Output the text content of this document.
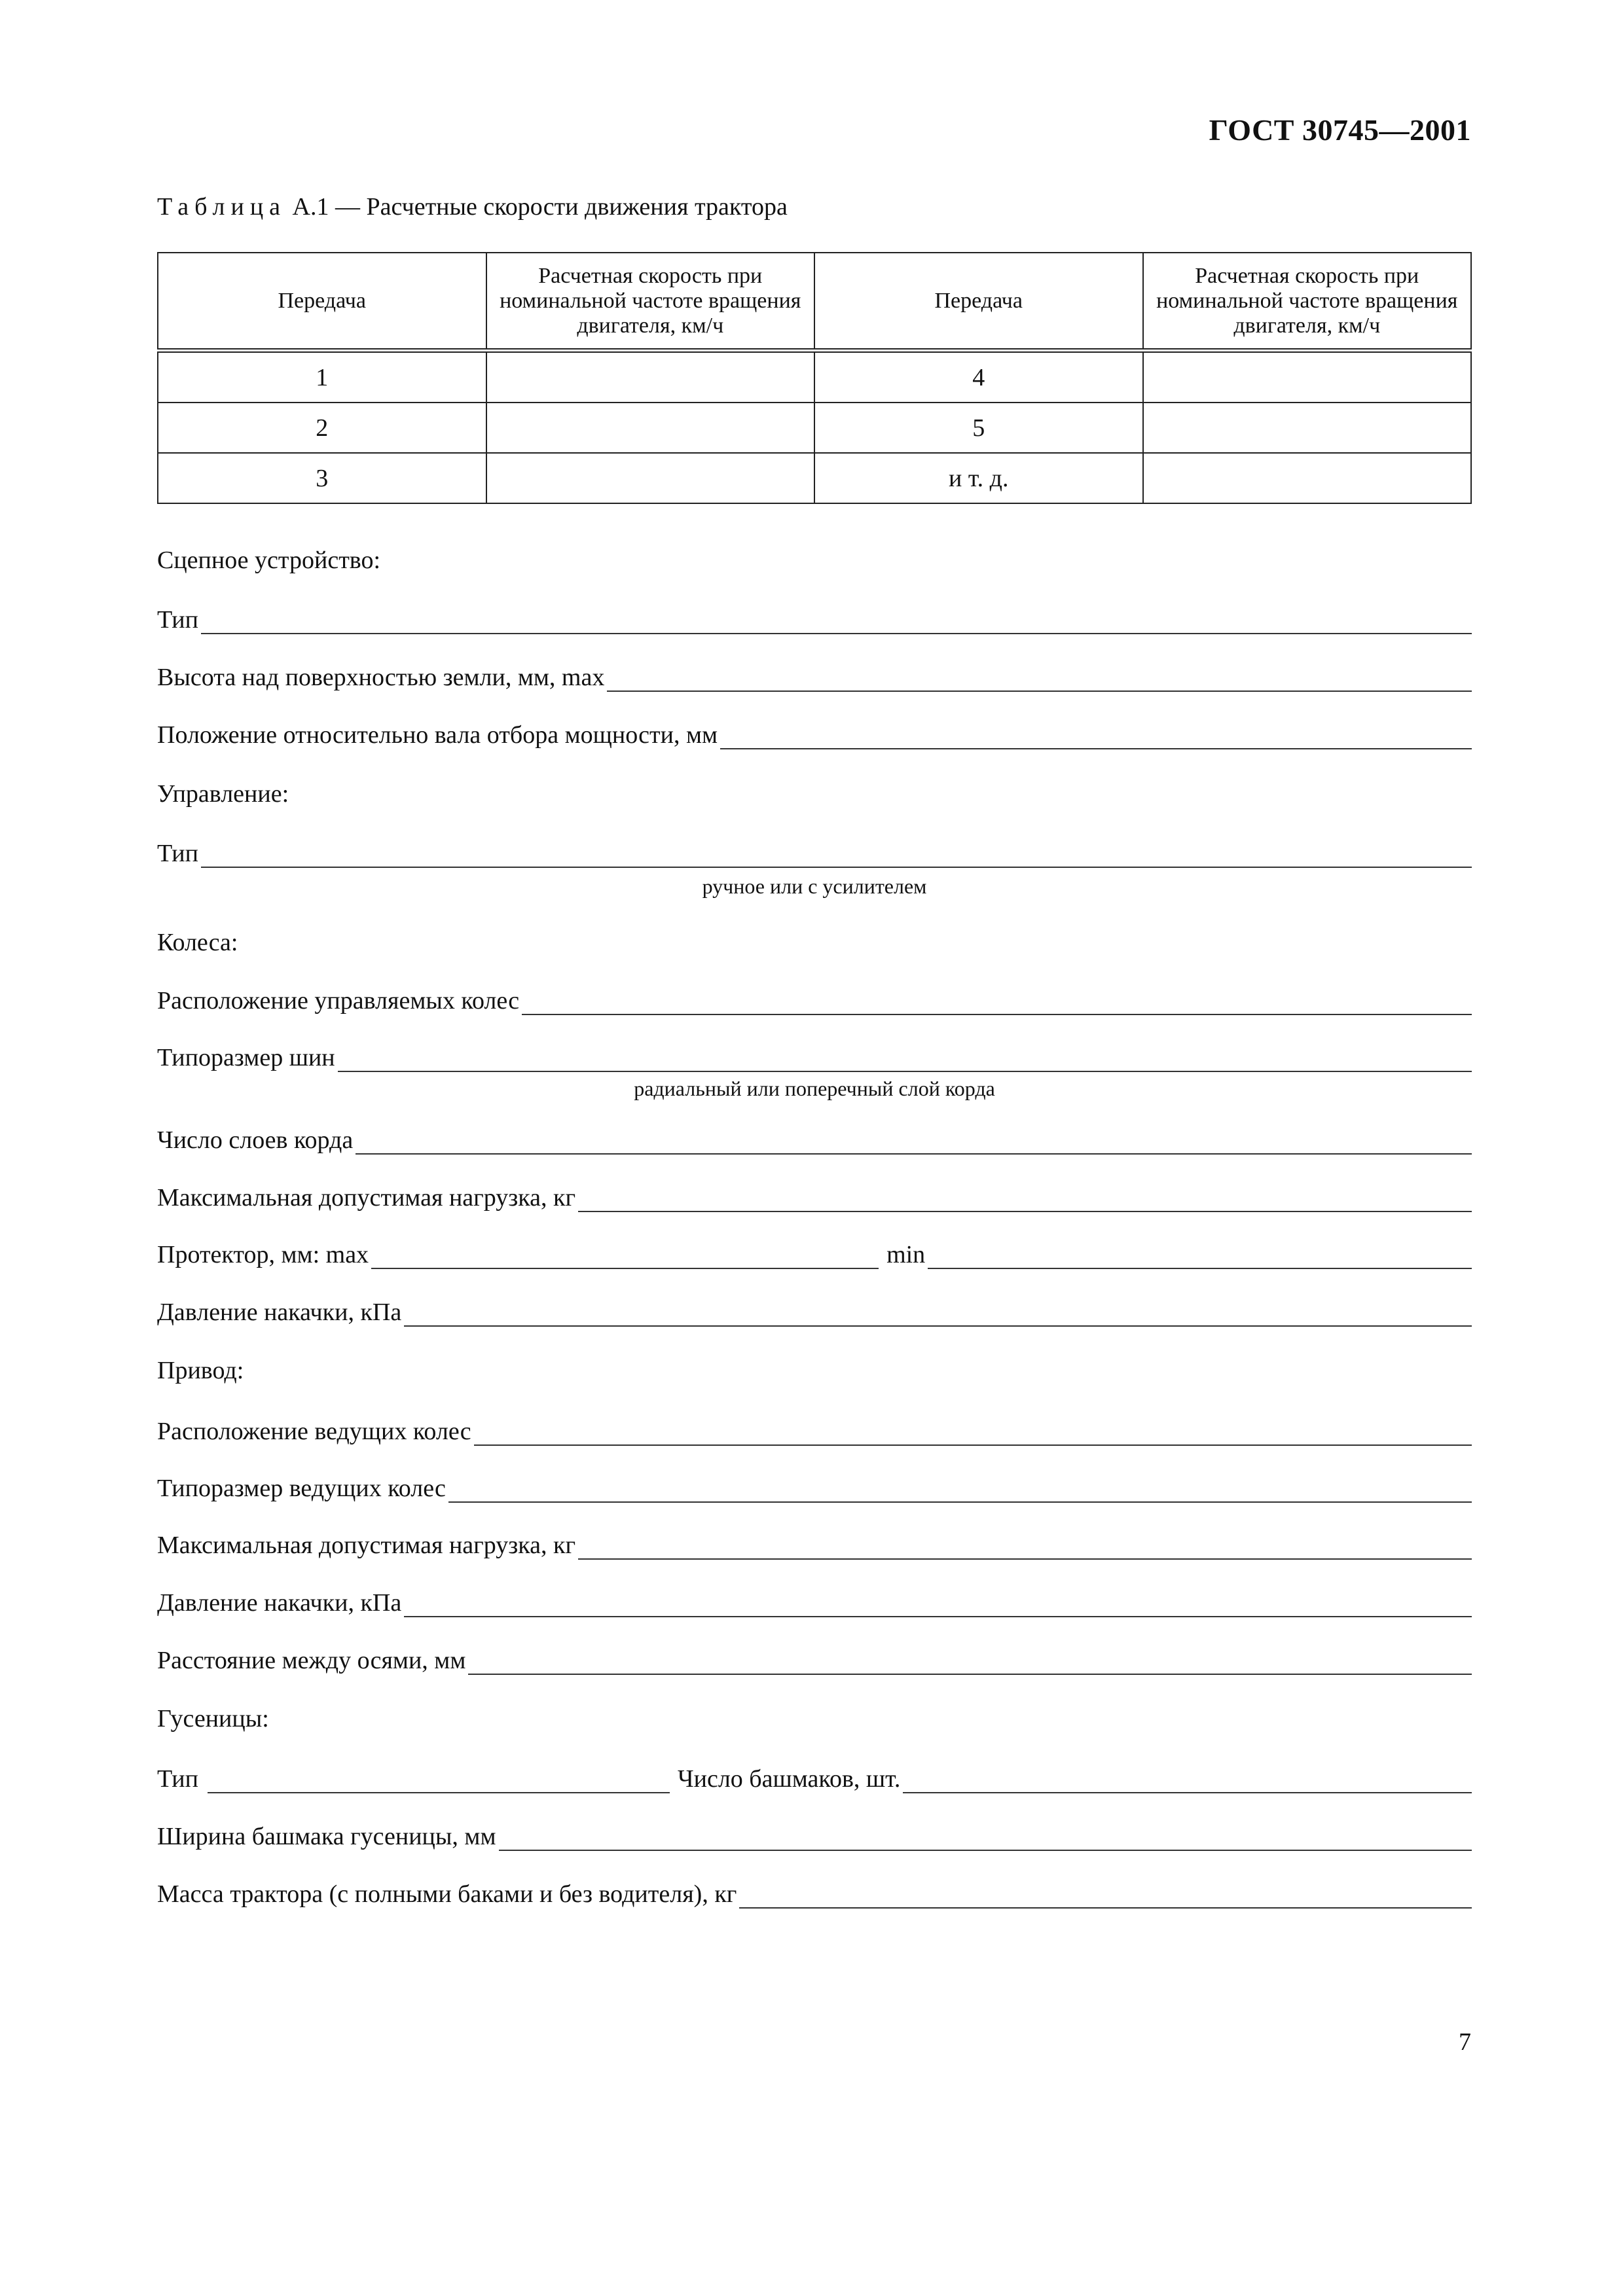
ГОСТ 30745—2001
Таблица А.1 — Расчетные скорости движения трактора
Передача	Расчетная скорость при номинальной частоте вращения двигателя, км/ч	Передача	Расчетная скорость при номинальной частоте вращения двигателя, км/ч
1		4	
2		5	
3		и т. д.	
Сцепное устройство:
Тип
Высота над поверхностью земли, мм, max
Положение относительно вала отбора мощности, мм
Управление:
Тип
ручное или с усилителем
Колеса:
Расположение управляемых колес
Типоразмер шин
радиальный или поперечный слой корда
Число слоев корда
Максимальная допустимая нагрузка, кг
Протектор, мм: max	min
Давление накачки, кПа
Привод:
Расположение ведущих колес
Типоразмер ведущих колес
Максимальная допустимая нагрузка, кг
Давление накачки, кПа
Расстояние между осями, мм
Гусеницы:
Тип	Число башмаков, шт.
Ширина башмака гусеницы, мм
Масса трактора (с полными баками и без водителя), кг
7
